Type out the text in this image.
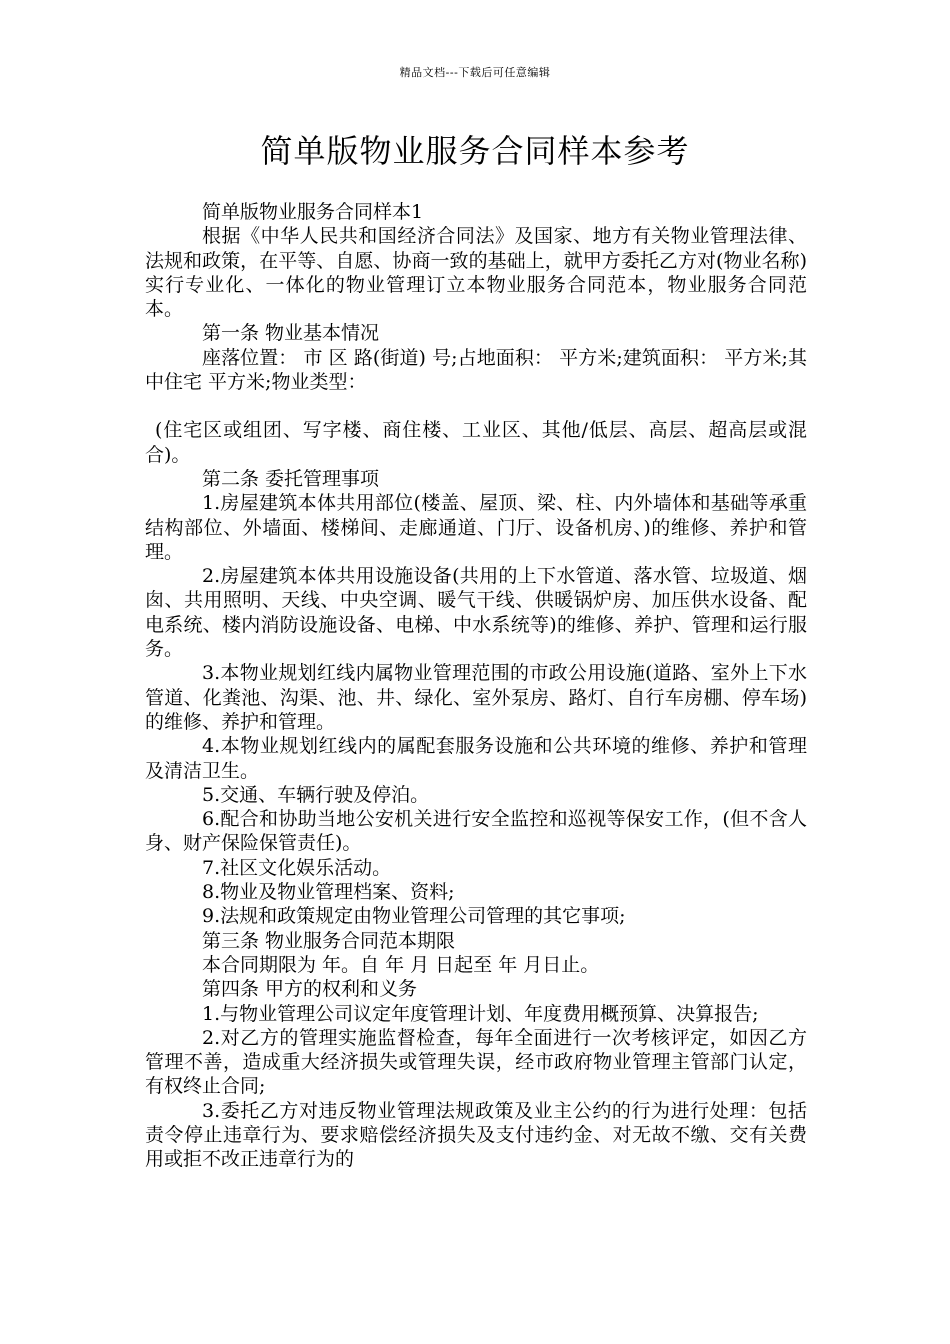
精品文档---下载后可任意编辑
简单版物业服务合同样本参考

简单版物业服务合同样本1

根据《中华人民共和国经济合同法》及国家、地方有关物业管理法律、法规和政策，在平等、自愿、协商一致的基础上，就甲方委托乙方对(物业名称)实行专业化、一体化的物业管理订立本物业服务合同范本，物业服务合同范本。

第一条 物业基本情况

座落位置： 市 区 路(街道) 号;占地面积： 平方米;建筑面积： 平方米;其中住宅 平方米;物业类型：

(住宅区或组团、写字楼、商住楼、工业区、其他/低层、高层、超高层或混合)。

第二条 委托管理事项

1.房屋建筑本体共用部位(楼盖、屋顶、梁、柱、内外墙体和基础等承重结构部位、外墙面、楼梯间、走廊通道、门厅、设备机房、)的维修、养护和管理。

2.房屋建筑本体共用设施设备(共用的上下水管道、落水管、垃圾道、烟囱、共用照明、天线、中央空调、暖气干线、供暖锅炉房、加压供水设备、配电系统、楼内消防设施设备、电梯、中水系统等)的维修、养护、管理和运行服务。

3.本物业规划红线内属物业管理范围的市政公用设施(道路、室外上下水管道、化粪池、沟渠、池、井、绿化、室外泵房、路灯、自行车房棚、停车场)的维修、养护和管理。

4.本物业规划红线内的属配套服务设施和公共环境的维修、养护和管理及清洁卫生。

5.交通、车辆行驶及停泊。

6.配合和协助当地公安机关进行安全监控和巡视等保安工作，(但不含人身、财产保险保管责任)。

7.社区文化娱乐活动。

8.物业及物业管理档案、资料;

9.法规和政策规定由物业管理公司管理的其它事项;

第三条 物业服务合同范本期限

本合同期限为 年。自 年 月 日起至 年 月日止。

第四条 甲方的权利和义务

1.与物业管理公司议定年度管理计划、年度费用概预算、决算报告;

2.对乙方的管理实施监督检查，每年全面进行一次考核评定，如因乙方管理不善，造成重大经济损失或管理失误，经市政府物业管理主管部门认定，有权终止合同;

3.委托乙方对违反物业管理法规政策及业主公约的行为进行处理：包括责令停止违章行为、要求赔偿经济损失及支付违约金、对无故不缴、交有关费用或拒不改正违章行为的
